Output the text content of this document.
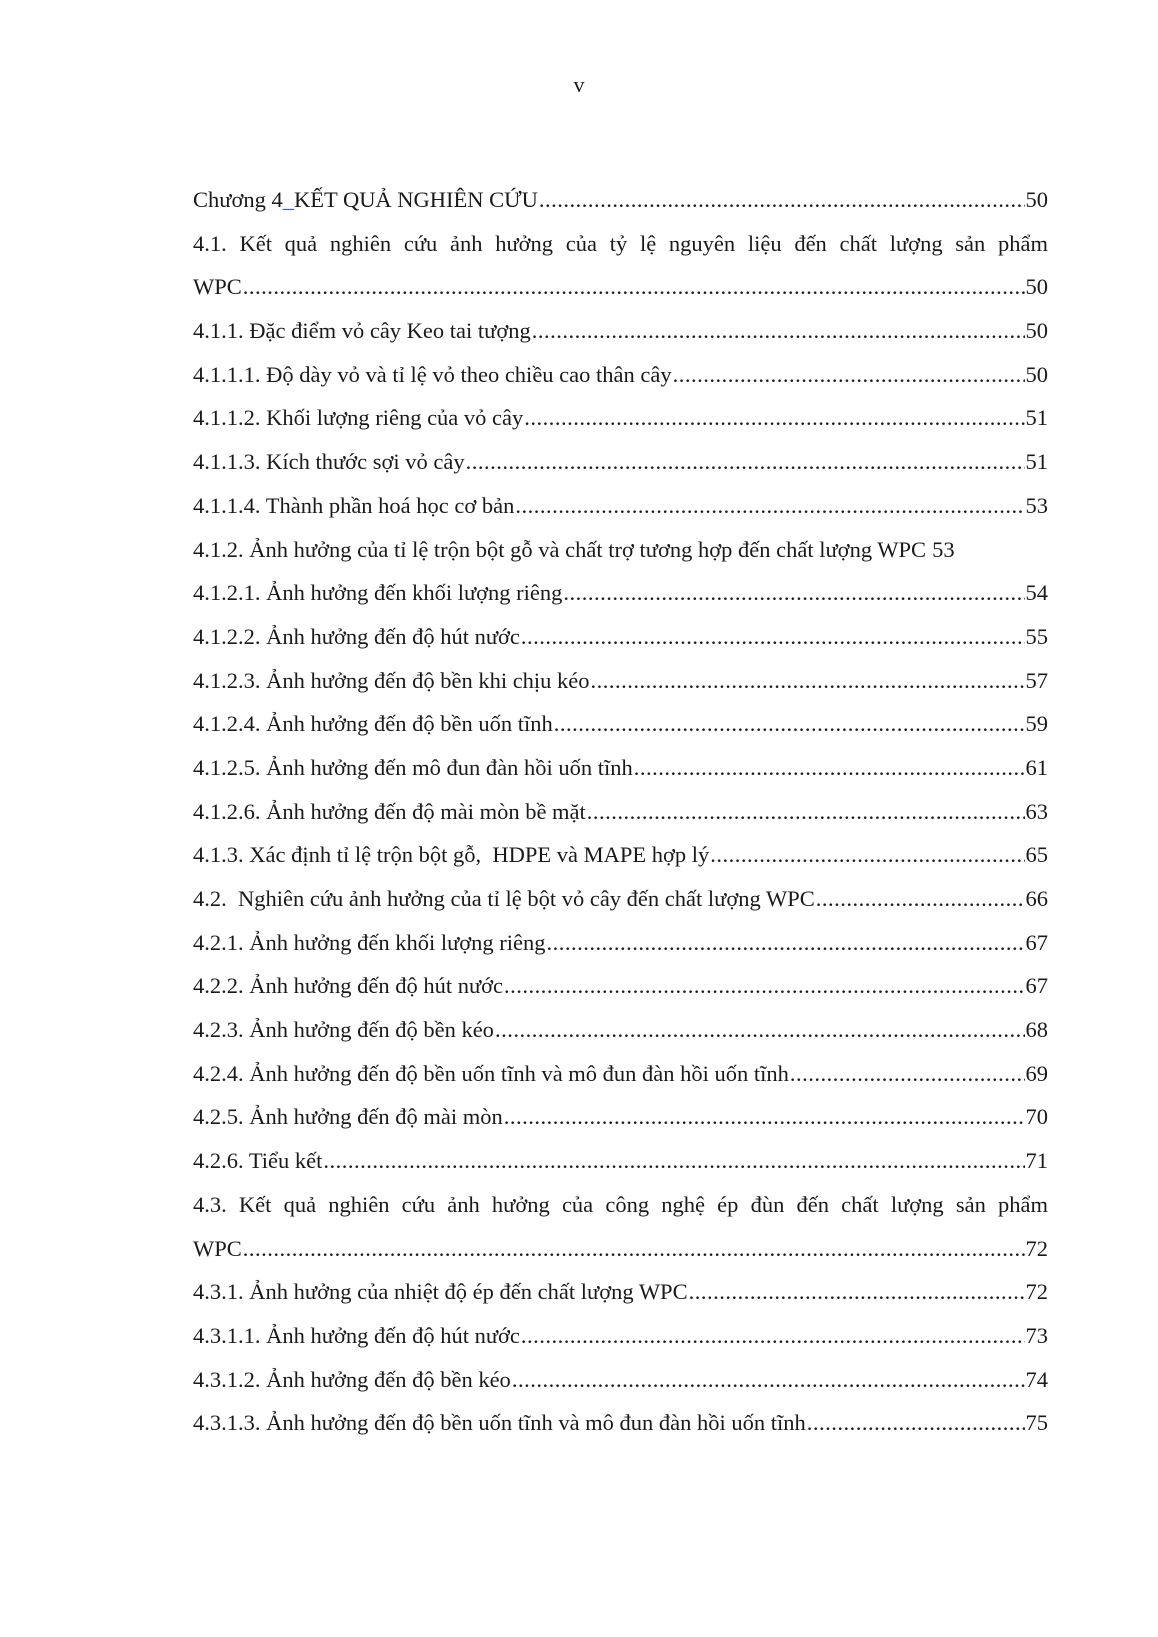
v
Chương 4_KẾT QUẢ NGHIÊN CỨU .....	50
4.1. Kết quả nghiên cứu ảnh hưởng của tỷ lệ nguyên liệu đến chất lượng sản phẩm
WPC .....	50
4.1.1. Đặc điểm vỏ cây Keo tai tượng .....	50
4.1.1.1. Độ dày vỏ và tỉ lệ vỏ theo chiều cao thân cây .....	50
4.1.1.2. Khối lượng riêng của vỏ cây .....	51
4.1.1.3. Kích thước sợi vỏ cây .....	51
4.1.1.4. Thành phần hoá học cơ bản .....	53
4.1.2. Ảnh hưởng của tỉ lệ trộn bột gỗ và chất trợ tương hợp đến chất lượng WPC 53
4.1.2.1. Ảnh hưởng đến khối lượng riêng .....	54
4.1.2.2. Ảnh hưởng đến độ hút nước .....	55
4.1.2.3. Ảnh hưởng đến độ bền khi chịu kéo .....	57
4.1.2.4. Ảnh hưởng đến độ bền uốn tĩnh .....	59
4.1.2.5. Ảnh hưởng đến mô đun đàn hồi uốn tĩnh .....	61
4.1.2.6. Ảnh hưởng đến độ mài mòn bề mặt .....	63
4.1.3. Xác định tỉ lệ trộn bột gỗ,  HDPE và MAPE hợp lý .....	65
4.2.  Nghiên cứu ảnh hưởng của tỉ lệ bột vỏ cây đến chất lượng WPC .....	66
4.2.1. Ảnh hưởng đến khối lượng riêng .....	67
4.2.2. Ảnh hưởng đến độ hút nước .....	67
4.2.3. Ảnh hưởng đến độ bền kéo .....	68
4.2.4. Ảnh hưởng đến độ bền uốn tĩnh và mô đun đàn hồi uốn tĩnh .....	69
4.2.5. Ảnh hưởng đến độ mài mòn .....	70
4.2.6. Tiểu kết .....	71
4.3. Kết quả nghiên cứu ảnh hưởng của công nghệ ép đùn đến chất lượng sản phẩm
WPC .....	72
4.3.1. Ảnh hưởng của nhiệt độ ép đến chất lượng WPC .....	72
4.3.1.1. Ảnh hưởng đến độ hút nước .....	73
4.3.1.2. Ảnh hưởng đến độ bền kéo .....	74
4.3.1.3. Ảnh hưởng đến độ bền uốn tĩnh và mô đun đàn hồi uốn tĩnh .....	75
